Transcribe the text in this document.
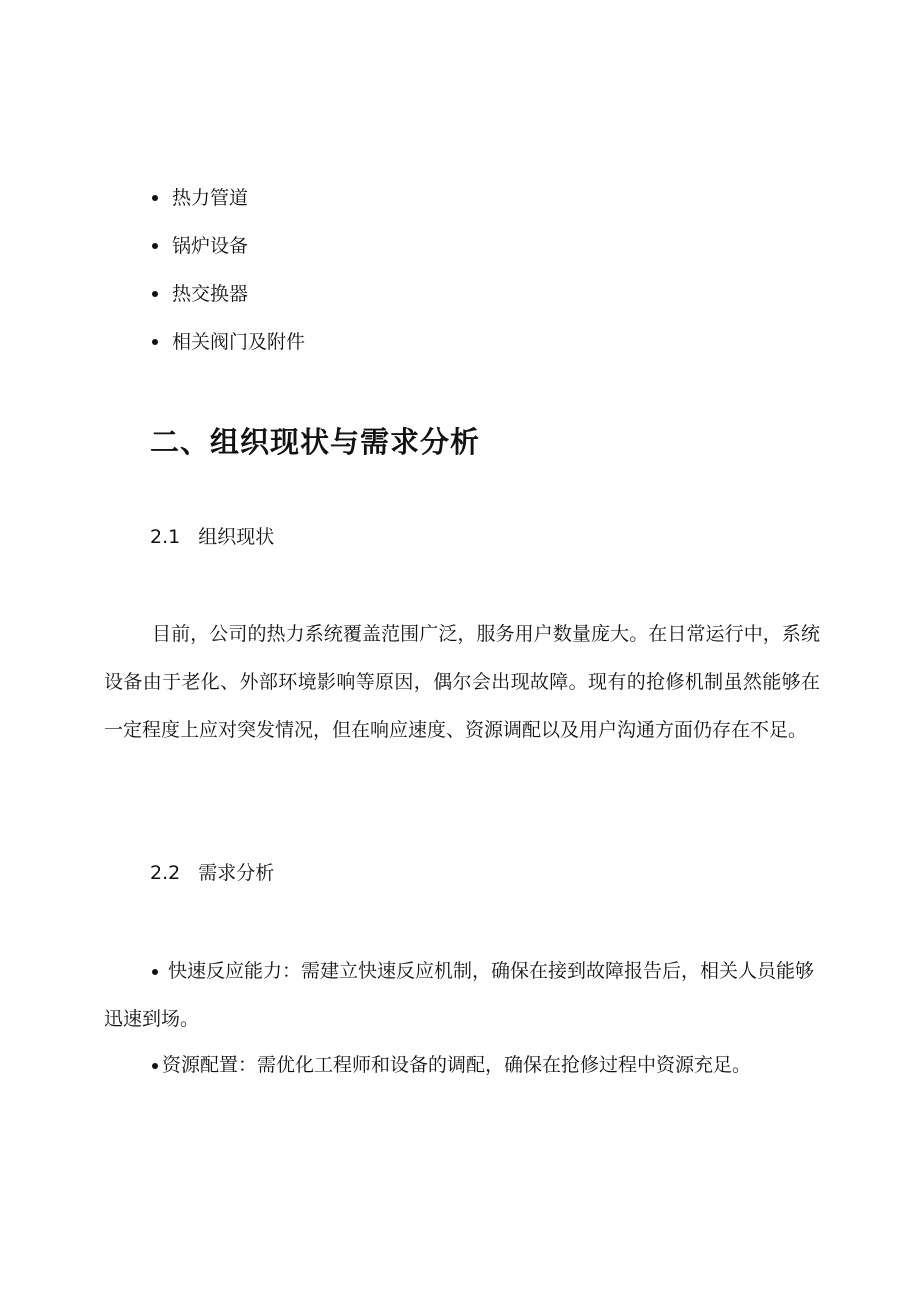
热力管道
锅炉设备
热交换器
相关阀门及附件
二、组织现状与需求分析
2.1 组织现状

目前，公司的热力系统覆盖范围广泛，服务用户数量庞大。在日常运行中，系统设备由于老化、外部环境影响等原因，偶尔会出现故障。现有的抢修机制虽然能够在一定程度上应对突发情况，但在响应速度、资源调配以及用户沟通方面仍存在不足。

2.2 需求分析

快速反应能力：需建立快速反应机制，确保在接到故障报告后，相关人员能够迅速到场。

资源配置：需优化工程师和设备的调配，确保在抢修过程中资源充足。
